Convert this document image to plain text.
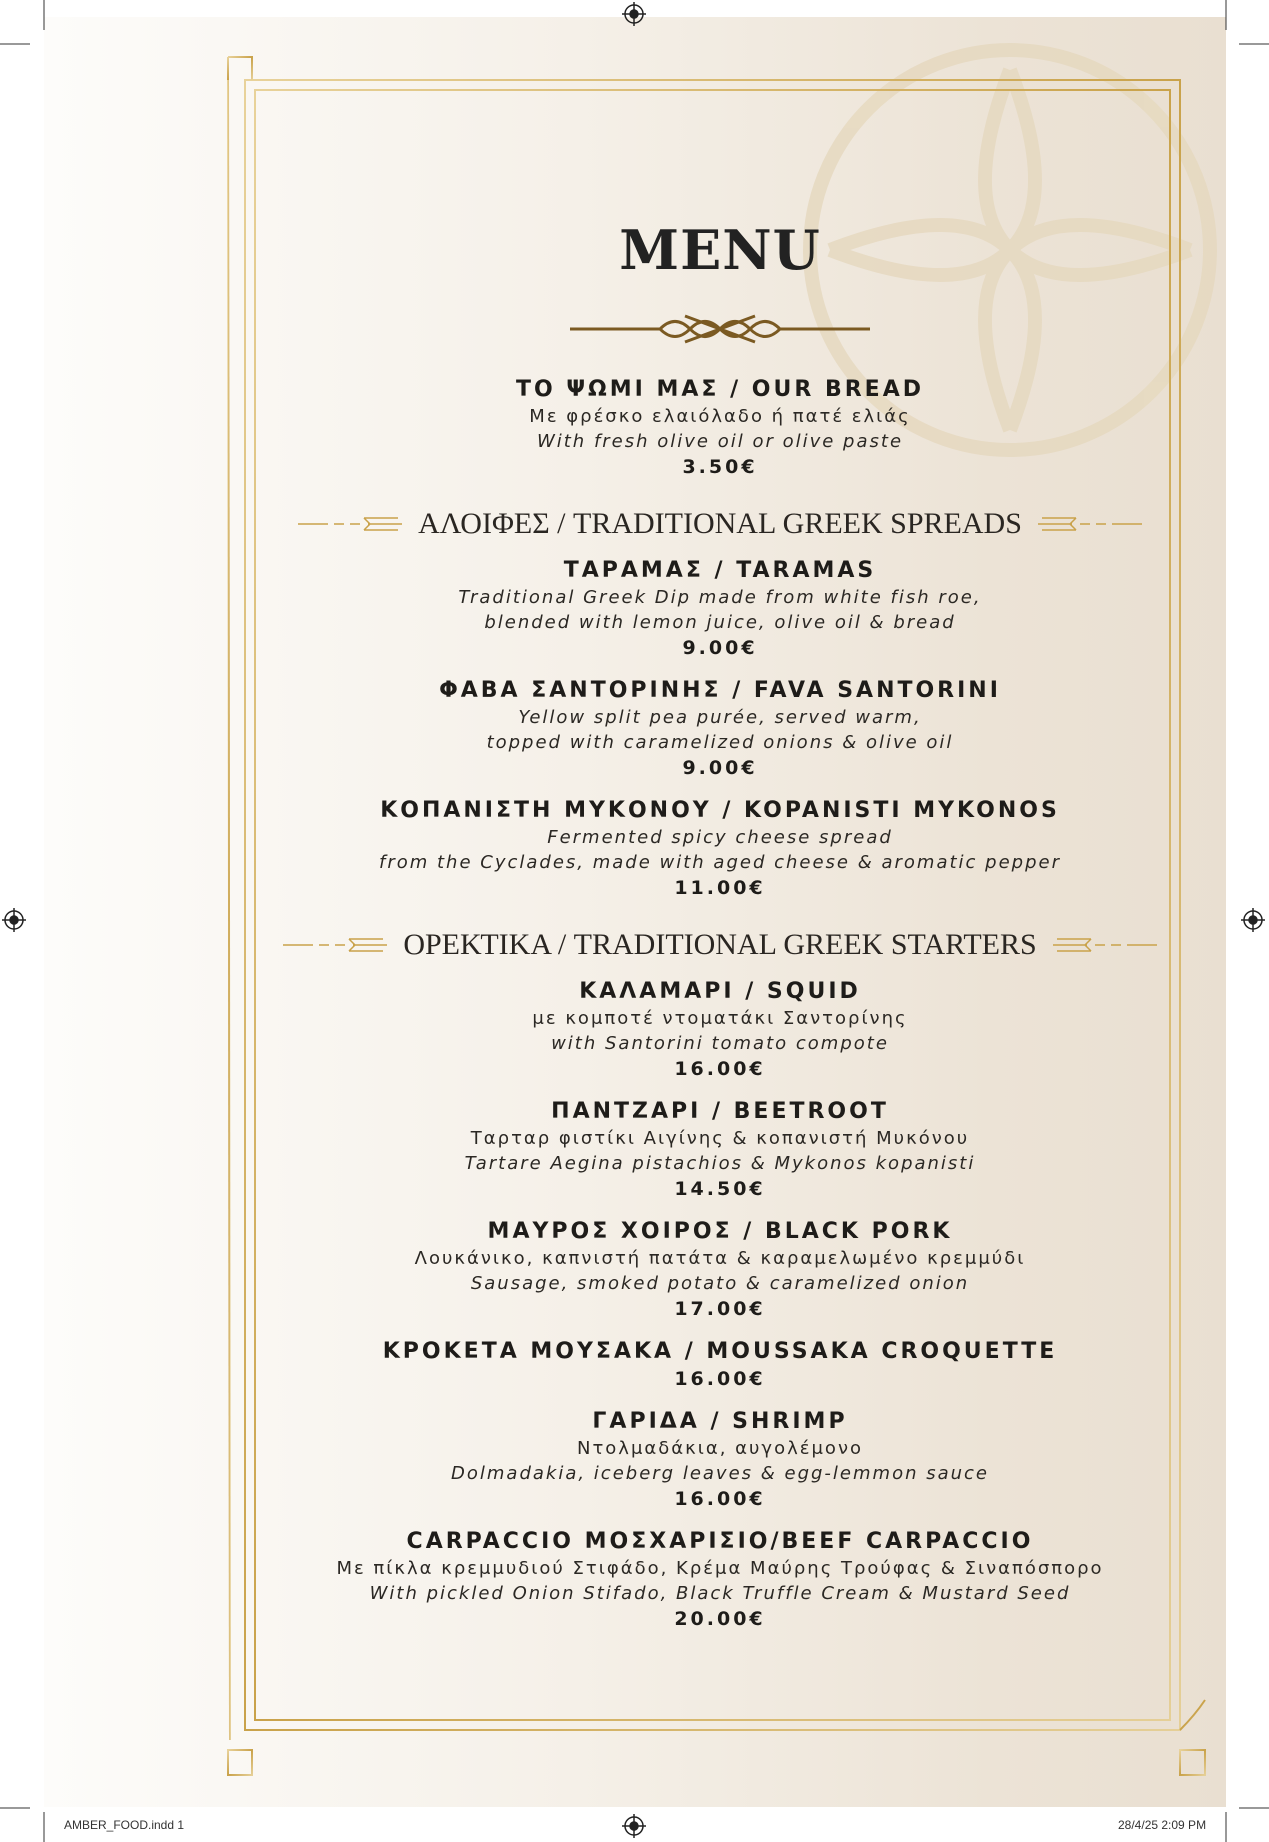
MENU
ΤΟ ΨΩΜΙ ΜΑΣ / OUR BREAD
Με φρέσκο ελαιόλαδο ή πατέ ελιάς
With fresh olive oil or olive paste
3.50€
ΑΛΟΙΦΕΣ / TRADITIONAL GREEK SPREADS
ΤΑΡΑΜΑΣ / TARAMAS
Traditional Greek Dip made from white fish roe,
blended with lemon juice, olive oil & bread
9.00€
ΦΑΒΑ ΣΑΝΤΟΡΙΝΗΣ / FAVA SANTORINI
Yellow split pea purée, served warm,
topped with caramelized onions & olive oil
9.00€
ΚΟΠΑΝΙΣΤΗ ΜΥΚΟΝΟΥ / KOPANISTI MYKONOS
Fermented spicy cheese spread
from the Cyclades, made with aged cheese & aromatic pepper
11.00€
ΟΡΕΚΤΙΚΑ / TRADITIONAL GREEK STARTERS
ΚΑΛΑΜΑΡΙ / SQUID
με κομποτέ ντοματάκι Σαντορίνης
with Santorini tomato compote
16.00€
ΠΑΝΤΖΑΡΙ / BEETROOT
Ταρταρ φιστίκι Αιγίνης & κοπανιστή Μυκόνου
Tartare Aegina pistachios & Mykonos kopanisti
14.50€
ΜΑΥΡΟΣ ΧΟΙΡΟΣ / BLACK PORK
Λουκάνικο, καπνιστή πατάτα & καραμελωμένο κρεμμύδι
Sausage, smoked potato & caramelized onion
17.00€
ΚΡΟΚΕΤΑ ΜΟΥΣΑΚΑ / MOUSSAKA CROQUETTE
16.00€
ΓΑΡΙΔΑ / SHRIMP
Ντολμαδάκια, αυγολέμονο
Dolmadakia, iceberg leaves & egg-lemmon sauce
16.00€
CARPACCIO ΜΟΣΧΑΡΙΣΙΟ/BEEF CARPACCIO
Με πίκλα κρεμμυδιού Στιφάδο, Κρέμα Μαύρης Τρούφας & Σιναπόσπορο
With pickled Onion Stifado, Black Truffle Cream & Mustard Seed
20.00€
AMBER_FOOD.indd 1	28/4/25 2:09 PM
